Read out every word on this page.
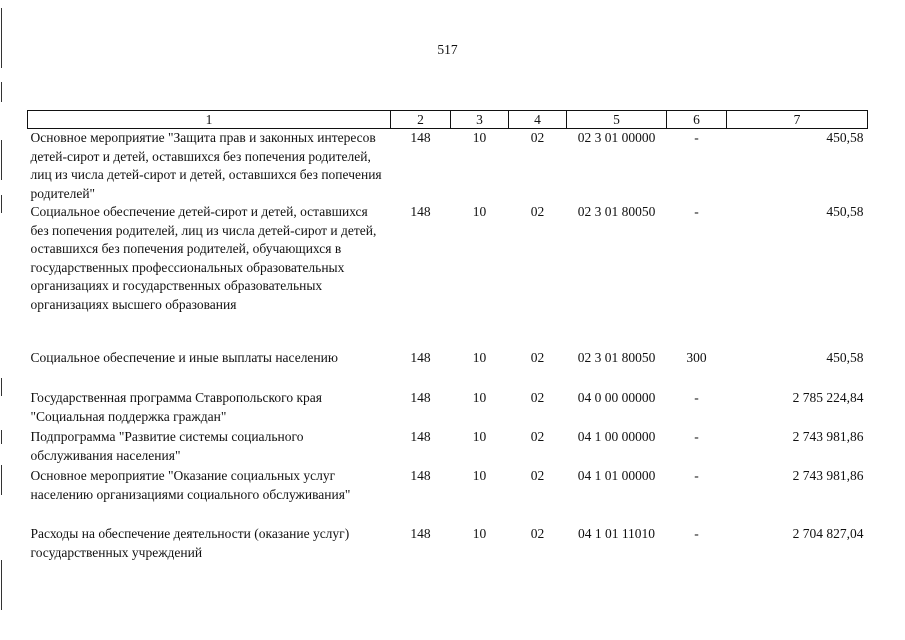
517
1	2	3	4	5	6	7
Основное мероприятие "Защита прав и законных интересов детей-сирот и детей, оставшихся без попечения родителей, лиц из числа детей-сирот и детей, оставшихся без попечения родителей"	148	10	02	02 3 01 00000	-	450,58
Социальное обеспечение детей-сирот и детей, оставшихся без попечения родителей, лиц из числа детей-сирот и детей, оставшихся без попечения родителей, обучающихся в государственных профессиональных образовательных организациях и государственных образовательных организациях высшего образования	148	10	02	02 3 01 80050	-	450,58
Социальное обеспечение и иные выплаты населению	148	10	02	02 3 01 80050	300	450,58
Государственная программа Ставропольского края "Социальная поддержка граждан"	148	10	02	04 0 00 00000	-	2 785 224,84
Подпрограмма "Развитие системы социального обслуживания населения"	148	10	02	04 1 00 00000	-	2 743 981,86
Основное мероприятие "Оказание социальных услуг населению организациями социального обслуживания"	148	10	02	04 1 01 00000	-	2 743 981,86
Расходы на обеспечение деятельности (оказание услуг) государственных учреждений	148	10	02	04 1 01 11010	-	2 704 827,04
